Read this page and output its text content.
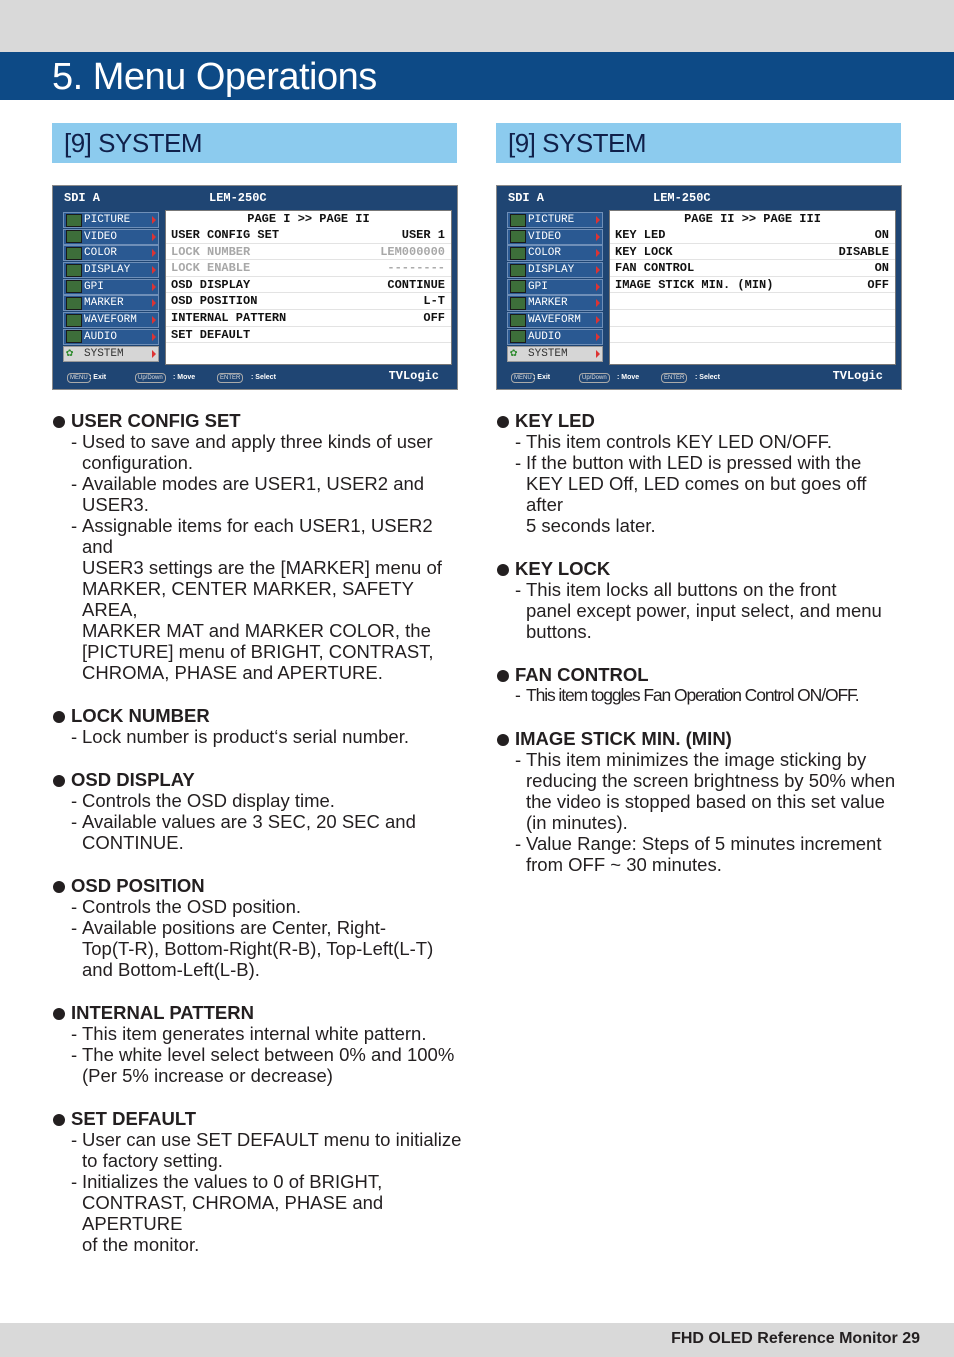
5. Menu Operations
[9] SYSTEM	[9] SYSTEM
SDI A	LEM-250C
PICTURE
VIDEO
COLOR
DISPLAY
GPI
MARKER
WAVEFORM
AUDIO
✿ SYSTEM
PAGE I >> PAGE II
USER CONFIG SET	USER 1
LOCK NUMBER	LEM000000
LOCK ENABLE	--------
OSD DISPLAY	CONTINUE
OSD POSITION	L-T
INTERNAL PATTERN	OFF
SET DEFAULT
MENU : Exit	Up/Down	: Move	ENTER	: Select	TVLogic
SDI A	LEM-250C
PICTURE
VIDEO
COLOR
DISPLAY
GPI
MARKER
WAVEFORM
AUDIO
✿ SYSTEM
PAGE II >> PAGE III
KEY LED	ON
KEY LOCK	DISABLE
FAN CONTROL	ON
IMAGE STICK MIN. (MIN)	OFF
MENU : Exit	Up/Down	: Move	ENTER	: Select	TVLogic
USER CONFIG SET
- Used to save and apply three kinds of user
configuration.
- Available modes are USER1, USER2 and
USER3.
- Assignable items for each USER1, USER2 and
USER3 settings are the [MARKER] menu of
MARKER, CENTER MARKER, SAFETY AREA,
MARKER MAT and MARKER COLOR, the
[PICTURE] menu of BRIGHT, CONTRAST,
CHROMA, PHASE and APERTURE.
LOCK NUMBER
- Lock number is product‘s serial number.
OSD DISPLAY
- Controls the OSD display time.
- Available values are 3 SEC, 20 SEC and
CONTINUE.
OSD POSITION
- Controls the OSD position.
- Available positions are Center, Right-
Top(T-R), Bottom-Right(R-B), Top-Left(L-T)
and Bottom-Left(L-B).
INTERNAL PATTERN
- This item generates internal white pattern.
- The white level select between 0% and 100%
(Per 5% increase or decrease)
SET DEFAULT
- User can use SET DEFAULT menu to initialize
to factory setting.
- Initializes the values to 0 of BRIGHT,
CONTRAST, CHROMA, PHASE and APERTURE
of the monitor.
KEY LED
- This item controls KEY LED ON/OFF.
- If the button with LED is pressed with the
KEY LED Off, LED comes on but goes off after
5 seconds later.
KEY LOCK
- This item locks all buttons on the front
panel except power, input select, and menu
buttons.
FAN CONTROL
- This item toggles Fan Operation Control ON/OFF.
IMAGE STICK MIN. (MIN)
- This item minimizes the image sticking by
reducing the screen brightness by 50% when
the video is stopped based on this set value
(in minutes).
- Value Range: Steps of 5 minutes increment
from OFF ~ 30 minutes.
FHD OLED Reference Monitor 29
